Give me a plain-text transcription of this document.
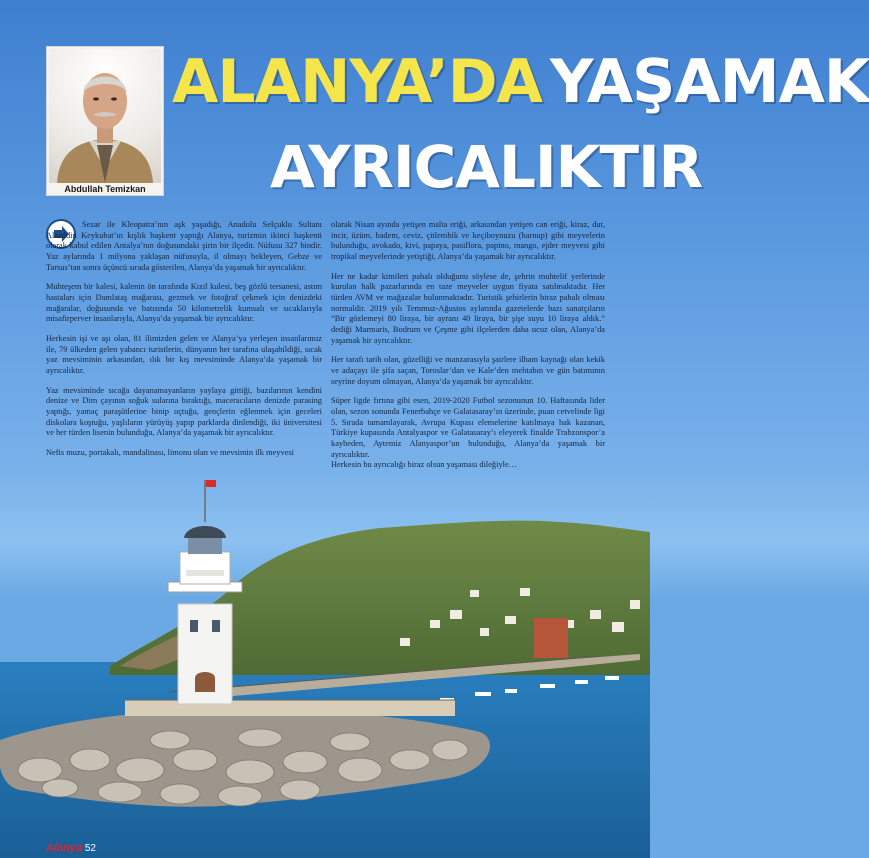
Abdullah Temizkan
ALANYA’DA YAŞAMAK
AYRICALIKTIR

Sezar ile Kleopatra’nın aşk yaşadığı, Anadolu Selçuklu Sultanı Alaaddin Keykubat’ın kışlık başkent yaptığı Alanya, turizmin ikinci başkenti olarak kabul edilen Antalya’nın doğusundaki şirin bir ilçedir. Nüfusu 327 bindir. Yaz aylarında 1 milyona yaklaşan nüfusuyla, il olmayı bekleyen, Gebze ve Tarsus’tan sonra üçüncü sırada gösterilen, Alanya’da yaşamak bir ayrıcalıktır.

Muhteşem bir kalesi, kalenin ön tarafında Kızıl kulesi, beş gözlü tersanesi, astım hastaları için Damlataş mağarası, gezmek ve fotoğraf çekmek için denizdeki mağaralar, doğusunda ve batısında 50 kilometrelik kumsalı ve sıcaklarıyla misafirperver insanlarıyla, Alanya’da yaşamak bir ayrıcalıktır.

Herkesin işi ve aşı olan, 81 ilimizden gelen ve Alanya’ya yerleşen insanlarımız ile, 79 ülkeden gelen yabancı turistlerin, dünyanın her tarafına ulaşabildiği, sıcak yaz mevsiminin arkasından, ılık bir kış mevsiminde Alanya’da yaşamak bir ayrıcalıktır.

Yaz mevsiminde sıcağa dayanamayanların yaylaya gittiği, bazılarının kendini denize ve Dim çayının soğuk sularına bıraktığı, maceracıların denizde parasing yaptığı, yamaç paraşütlerine binip uçtuğu, gençlerin eğlenmek için geceleri diskolara koştuğu, yaşlıların yürüyüş yapıp parklarda dinlendiği, iki üniversitesi ve her türden lisenin bulunduğu, Alanya’da yaşamak bir ayrıcalıktır.

Nefis muzu, portakalı, mandalinası, limonu olan ve mevsimin ilk meyvesi

olarak Nisan ayında yetişen malta eriği, arkasından yetişen can eriği, kiraz, dut, incir, üzüm, badem, ceviz, çitlembik ve keçiboynuzu (harnup) gibi meyvelerin bulunduğu, avokado, kivi, papaya, pasiflora, papino, mango, ejder meyvesi gibi tropikal meyvelerinde yetiştiği, Alanya’da yaşamak bir ayrıcalıktır.

Her ne kadar kimileri pahalı olduğunu söylese de, şehrin muhtelif yerlerinde kurulan halk pazarlarında en taze meyveler uygun fiyata satılmaktadır. Her türden AVM ve mağazalar bulunmaktadır. Turistik şehirlerin biraz pahalı olması normaldir. 2019 yılı Temmuz-Ağustos aylarında gazetelerde bazı sanatçıların “Bir gözlemeyi 80 liraya, bir ayranı 40 liraya, bir şişe suyu 10 liraya aldık.” dediği Marmaris, Bodrum ve Çeşme gibi ilçelerden daha ucuz olan, Alanya’da yaşamak bir ayrıcalıktır.

Her tarafı tarih olan, güzelliği ve manzarasıyla şairlere ilham kaynağı olan kekik ve adaçayı ile şifa saçan, Toroslar’dan ve Kale’den mehtabın ve gün batımının seyrine doyum olmayan, Alanya’da yaşamak bir ayrıcalıktır.

Süper ligde fırtına gibi esen, 2019-2020 Futbol sezonunun 10. Haftasında lider olan, sezon sonunda Fenerbahçe ve Galatasaray’ın üzerinde, puan cetvelinde ligi 5. Sırada tamamlayarak, Avrupa Kupası elemelerine katılmaya hak kazanan, Türkiye kupasında Antalyaspor ve Galatasaray’ı eleyerek finalde Trabzonspor’a kaybeden, Aytemiz Alanyaspor’un bulunduğu, Alanya’da yaşamak bir ayrıcalıktır.

Herkesin bu ayrıcalığı biraz olsun yaşaması dileğiyle…

Alanya 52
